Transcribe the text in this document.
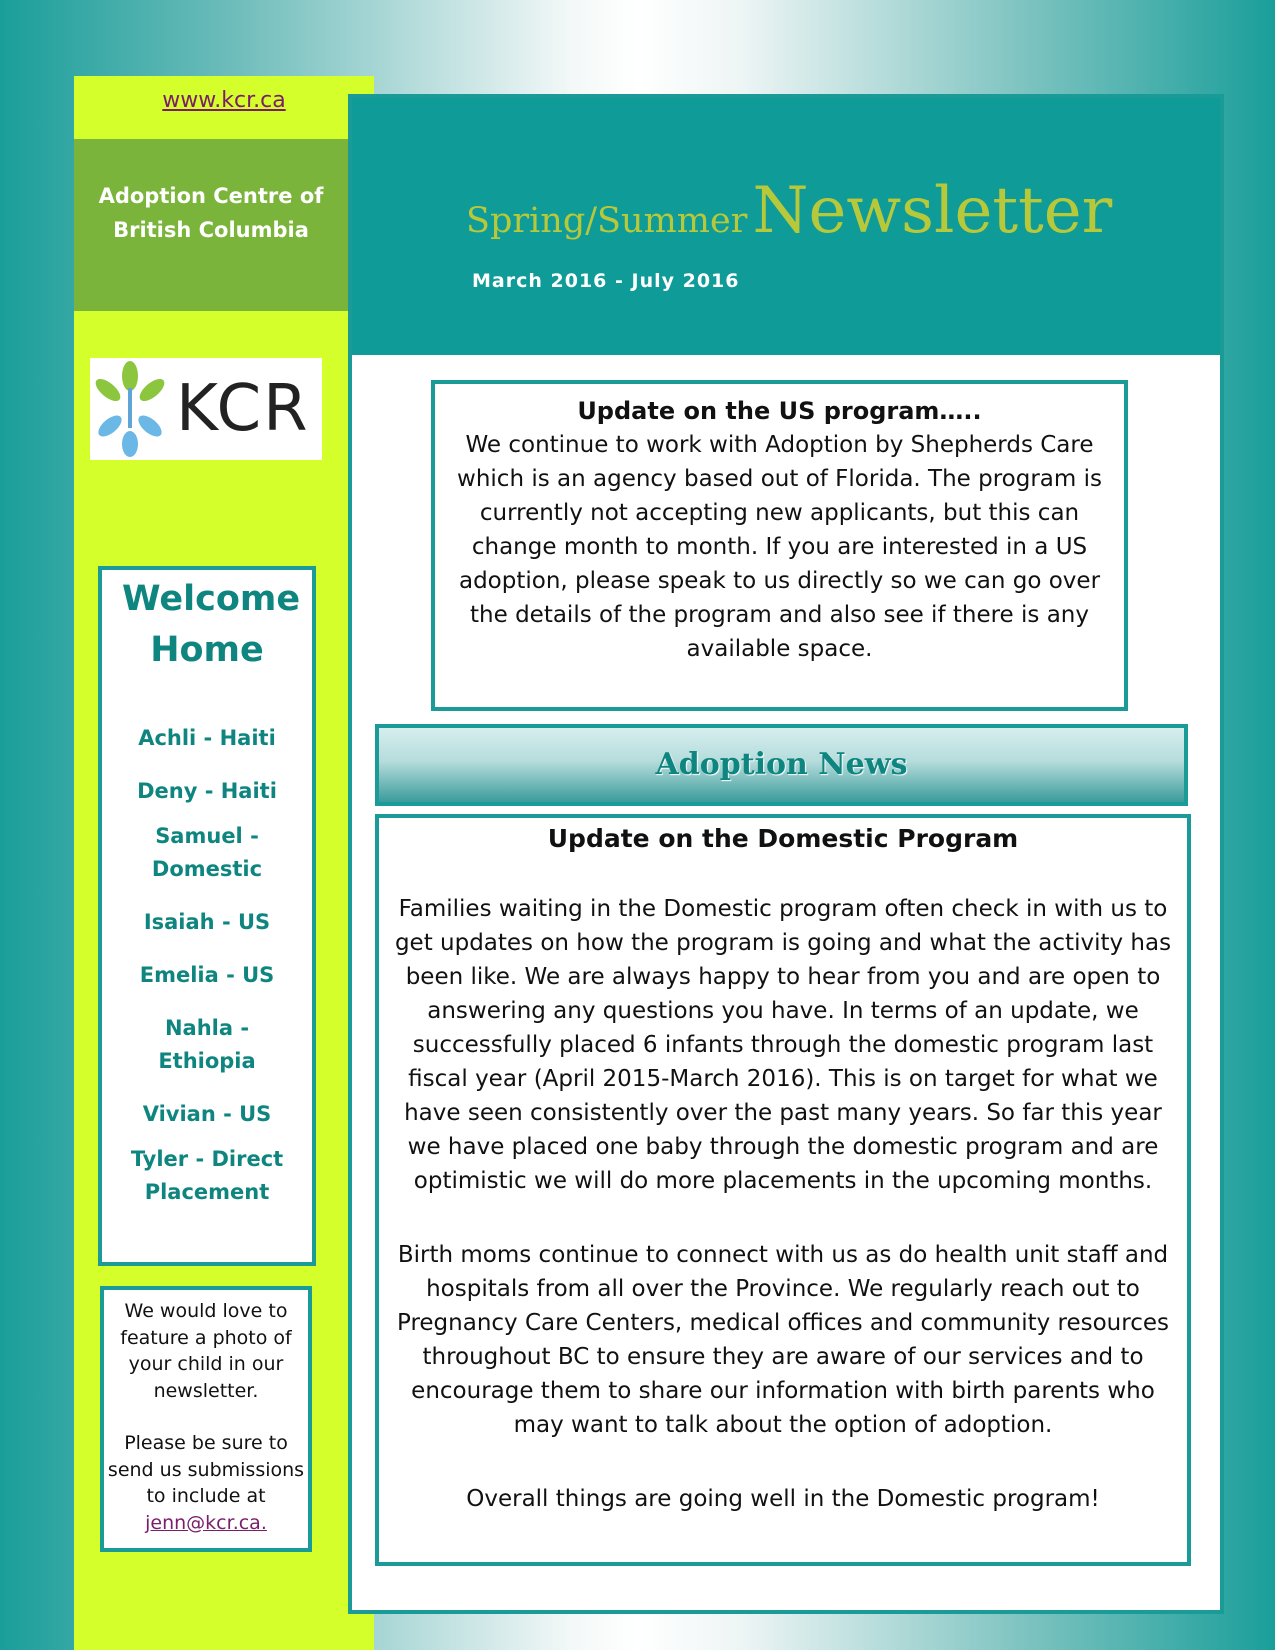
www.kcr.ca
Adoption Centre of British Columbia
KCR
Welcome Home
Achli - Haiti
Deny - Haiti
Samuel - Domestic
Isaiah - US
Emelia - US
Nahla - Ethiopia
Vivian - US
Tyler - Direct Placement

We would love to feature a photo of your child in our newsletter.

Please be sure to send us submissions to include at
jenn@kcr.ca.

Spring/Summer Newsletter
March 2016 - July 2016
Update on the US program…..
We continue to work with Adoption by Shepherds Care which is an agency based out of Florida. The program is currently not accepting new applicants, but this can change month to month. If you are interested in a US adoption, please speak to us directly so we can go over the details of the program and also see if there is any available space.
Adoption News
Update on the Domestic Program
Families waiting in the Domestic program often check in with us to get updates on how the program is going and what the activity has been like. We are always happy to hear from you and are open to answering any questions you have. In terms of an update, we successfully placed 6 infants through the domestic program last fiscal year (April 2015-March 2016). This is on target for what we have seen consistently over the past many years. So far this year we have placed one baby through the domestic program and are optimistic we will do more placements in the upcoming months.
Birth moms continue to connect with us as do health unit staff and hospitals from all over the Province. We regularly reach out to Pregnancy Care Centers, medical offices and community resources throughout BC to ensure they are aware of our services and to encourage them to share our information with birth parents who may want to talk about the option of adoption.
Overall things are going well in the Domestic program!
